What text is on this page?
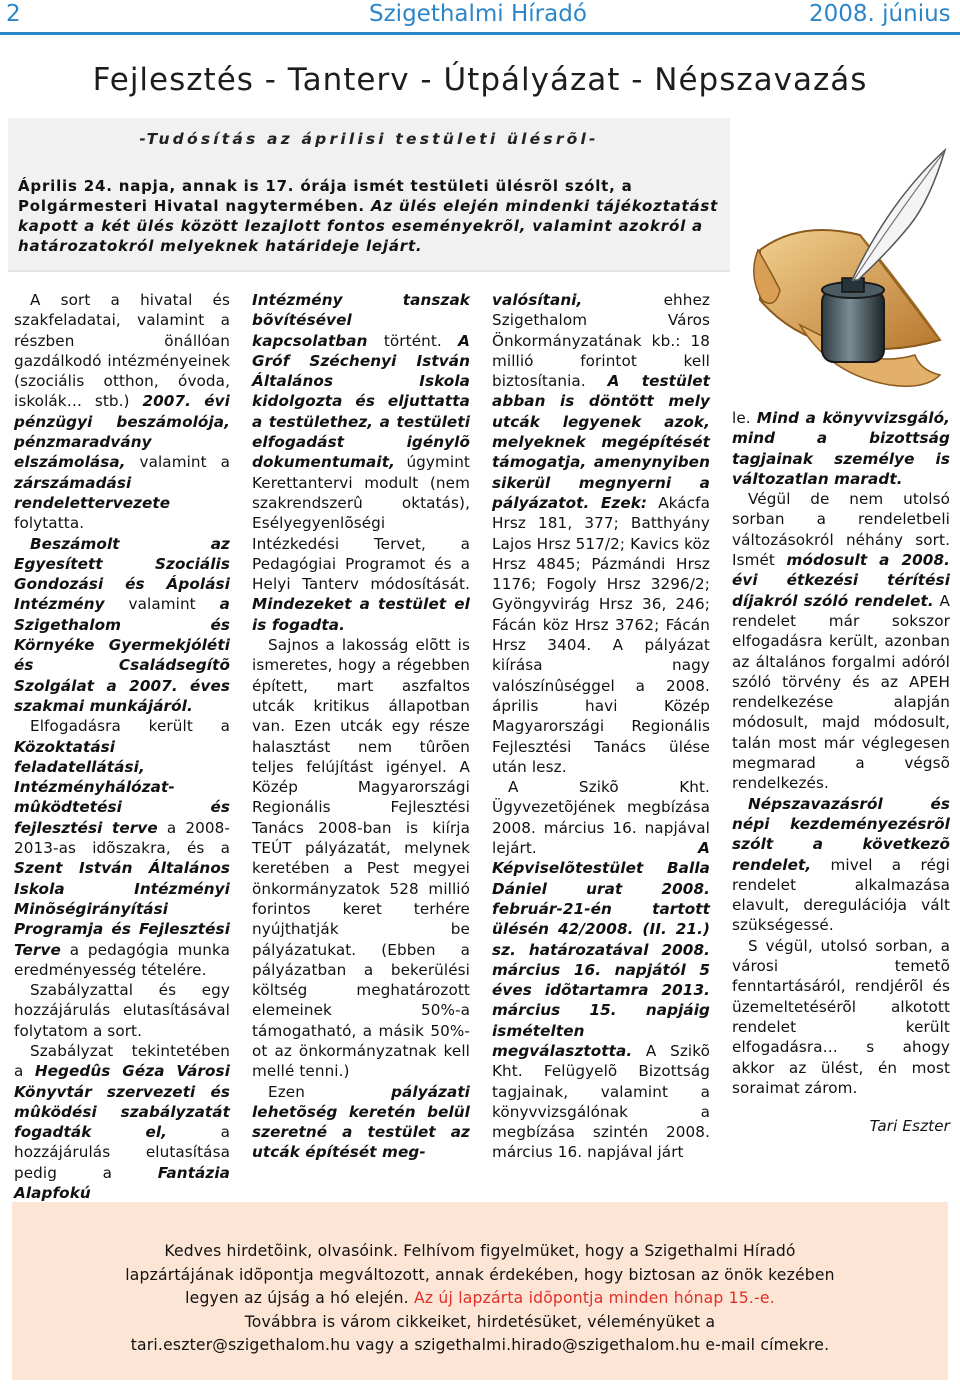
2	Szigethalmi Híradó	2008. június
Fejlesztés - Tanterv - Útpályázat - Népszavazás
-Tudósítás az áprilisi testületi ülésrõl-

Április 24. napja, annak is 17. órája ismét testületi ülésrõl szólt, a Polgármesteri Hivatal nagytermében. Az ülés elején mindenki tájékoztatást kapott a két ülés között lezajlott fontos eseményekrõl, valamint azokról a határozatokról melyeknek határideje lejárt.

A sort a hivatal és szakfeladatai, valamint a részben önállóan gazdálkodó intézményeinek (szociális otthon, óvoda, iskolák… stb.) 2007. évi pénzügyi beszámolója, pénzmaradvány elszámolása, valamint a zárszámadási rendelettervezete folytatta.

Beszámolt az Egyesített Szociális Gondozási és Ápolási Intézmény valamint a Szigethalom és Környéke Gyermekjóléti és Családsegítõ Szolgálat a 2007. éves szakmai munkájáról.

Elfogadásra került a Közoktatási feladatellátási, Intézményhálózat-mûködtetési és fejlesztési terve a 2008-2013-as idõszakra, és a Szent István Általános Iskola Intézményi Minõségirányítási Programja és Fejlesztési Terve a pedagógia munka eredményesség tételére.

Szabályzattal és egy hozzájárulás elutasításával folytatom a sort.

Szabályzat tekintetében a Hegedûs Géza Városi Könyvtár szervezeti és mûködési szabályzatát fogadták el,	a hozzájárulás elutasítása pedig a	Fantázia Alapfokú

Intézmény tanszak bõvítésével kapcsolatban történt. A Gróf Széchenyi István Általános Iskola kidolgozta és eljuttatta a testülethez, a testületi elfogadást igénylõ dokumentumait, úgymint Kerettantervi modult (nem szakrendszerû oktatás), Esélyegyenlõségi Intézkedési Tervet, a Pedagógiai Programot és a Helyi Tanterv módosítását. Mindezeket a testület el is fogadta.

Sajnos a lakosság elõtt is ismeretes, hogy a régebben épített, mart aszfaltos utcák kritikus állapotban van. Ezen utcák egy része halasztást nem tûrõen teljes felújítást igényel. A Közép Magyarországi Regionális Fejlesztési Tanács 2008-ban is kiírja TEÚT pályázatát, melynek keretében a Pest megyei önkormányzatok 528 millió forintos keret terhére nyújthatják be pályázatukat. (Ebben a pályázatban a bekerülési költség meghatározott elemeinek 50%-a támogatható, a másik 50%-ot az önkormányzatnak kell mellé tenni.)

Ezen	pályázati lehetõség keretén belül szeretné a testület az utcák építését meg-

valósítani,	ehhez Szigethalom Város Önkormányzatának kb.: 18 millió forintot kell biztosítania. A testület abban is döntött mely utcák legyenek azok, melyeknek megépítését támogatja, amenynyiben sikerül megnyerni a pályázatot. Ezek: Akácfa Hrsz 181, 377; Batthyány Lajos Hrsz 517/2; Kavics köz Hrsz 4845; Pázmándi Hrsz 1176; Fogoly Hrsz 3296/2; Gyöngyvirág Hrsz 36, 246; Fácán köz Hrsz 3762; Fácán Hrsz 3404. A pályázat kiírása nagy valószínûséggel a 2008. április havi Közép Magyarországi Regionális Fejlesztési Tanács ülése után lesz.

A Szikõ Kht. Ügyvezetõjének megbízása 2008. március 16. napjával lejárt.	A Képviselõtestület Balla Dániel urat 2008. február-21-én tartott ülésén 42/2008. (II. 21.) sz. határozatával 2008. március 16. napjától 5 éves idõtartamra 2013. március 15. napjáig ismételten megválasztotta. A Szikõ Kht. Felügyelõ Bizottság tagjainak, valamint a könyvvizsgálónak a megbízása szintén 2008. március 16. napjával járt

le. Mind a könyvvizsgáló, mind a bizottság tagjainak személye is változatlan maradt.

Végül de nem utolsó sorban a rendeletbeli változásokról néhány sort. Ismét módosult a 2008. évi étkezési térítési díjakról szóló rendelet. A rendelet már sokszor elfogadásra került, azonban az általános forgalmi adóról szóló törvény és az APEH rendelkezése alapján módosult, majd módosult, talán most már véglegesen megmarad a végsõ rendelkezés.

Népszavazásról és népi kezdeményezésrõl szólt a következõ rendelet, mivel a régi rendelet alkalmazása elavult, deregulációja vált szükségessé.

S végül, utolsó sorban, a városi temetõ fenntartásáról, rendjérõl és üzemeltetésérõl alkotott rendelet került elfogadásra… s ahogy akkor az ülést, én most soraimat zárom.

Tari Eszter

Kedves hirdetõink, olvasóink. Felhívom figyelmüket, hogy a Szigethalmi Híradó
lapzártájának idõpontja megváltozott, annak érdekében, hogy biztosan az önök kezében
legyen az újság a hó elején. Az új lapzárta idõpontja minden hónap 15.-e.
Továbbra is várom cikkeiket, hirdetésüket, véleményüket a
tari.eszter@szigethalom.hu vagy a szigethalmi.hirado@szigethalom.hu e-mail címekre.
